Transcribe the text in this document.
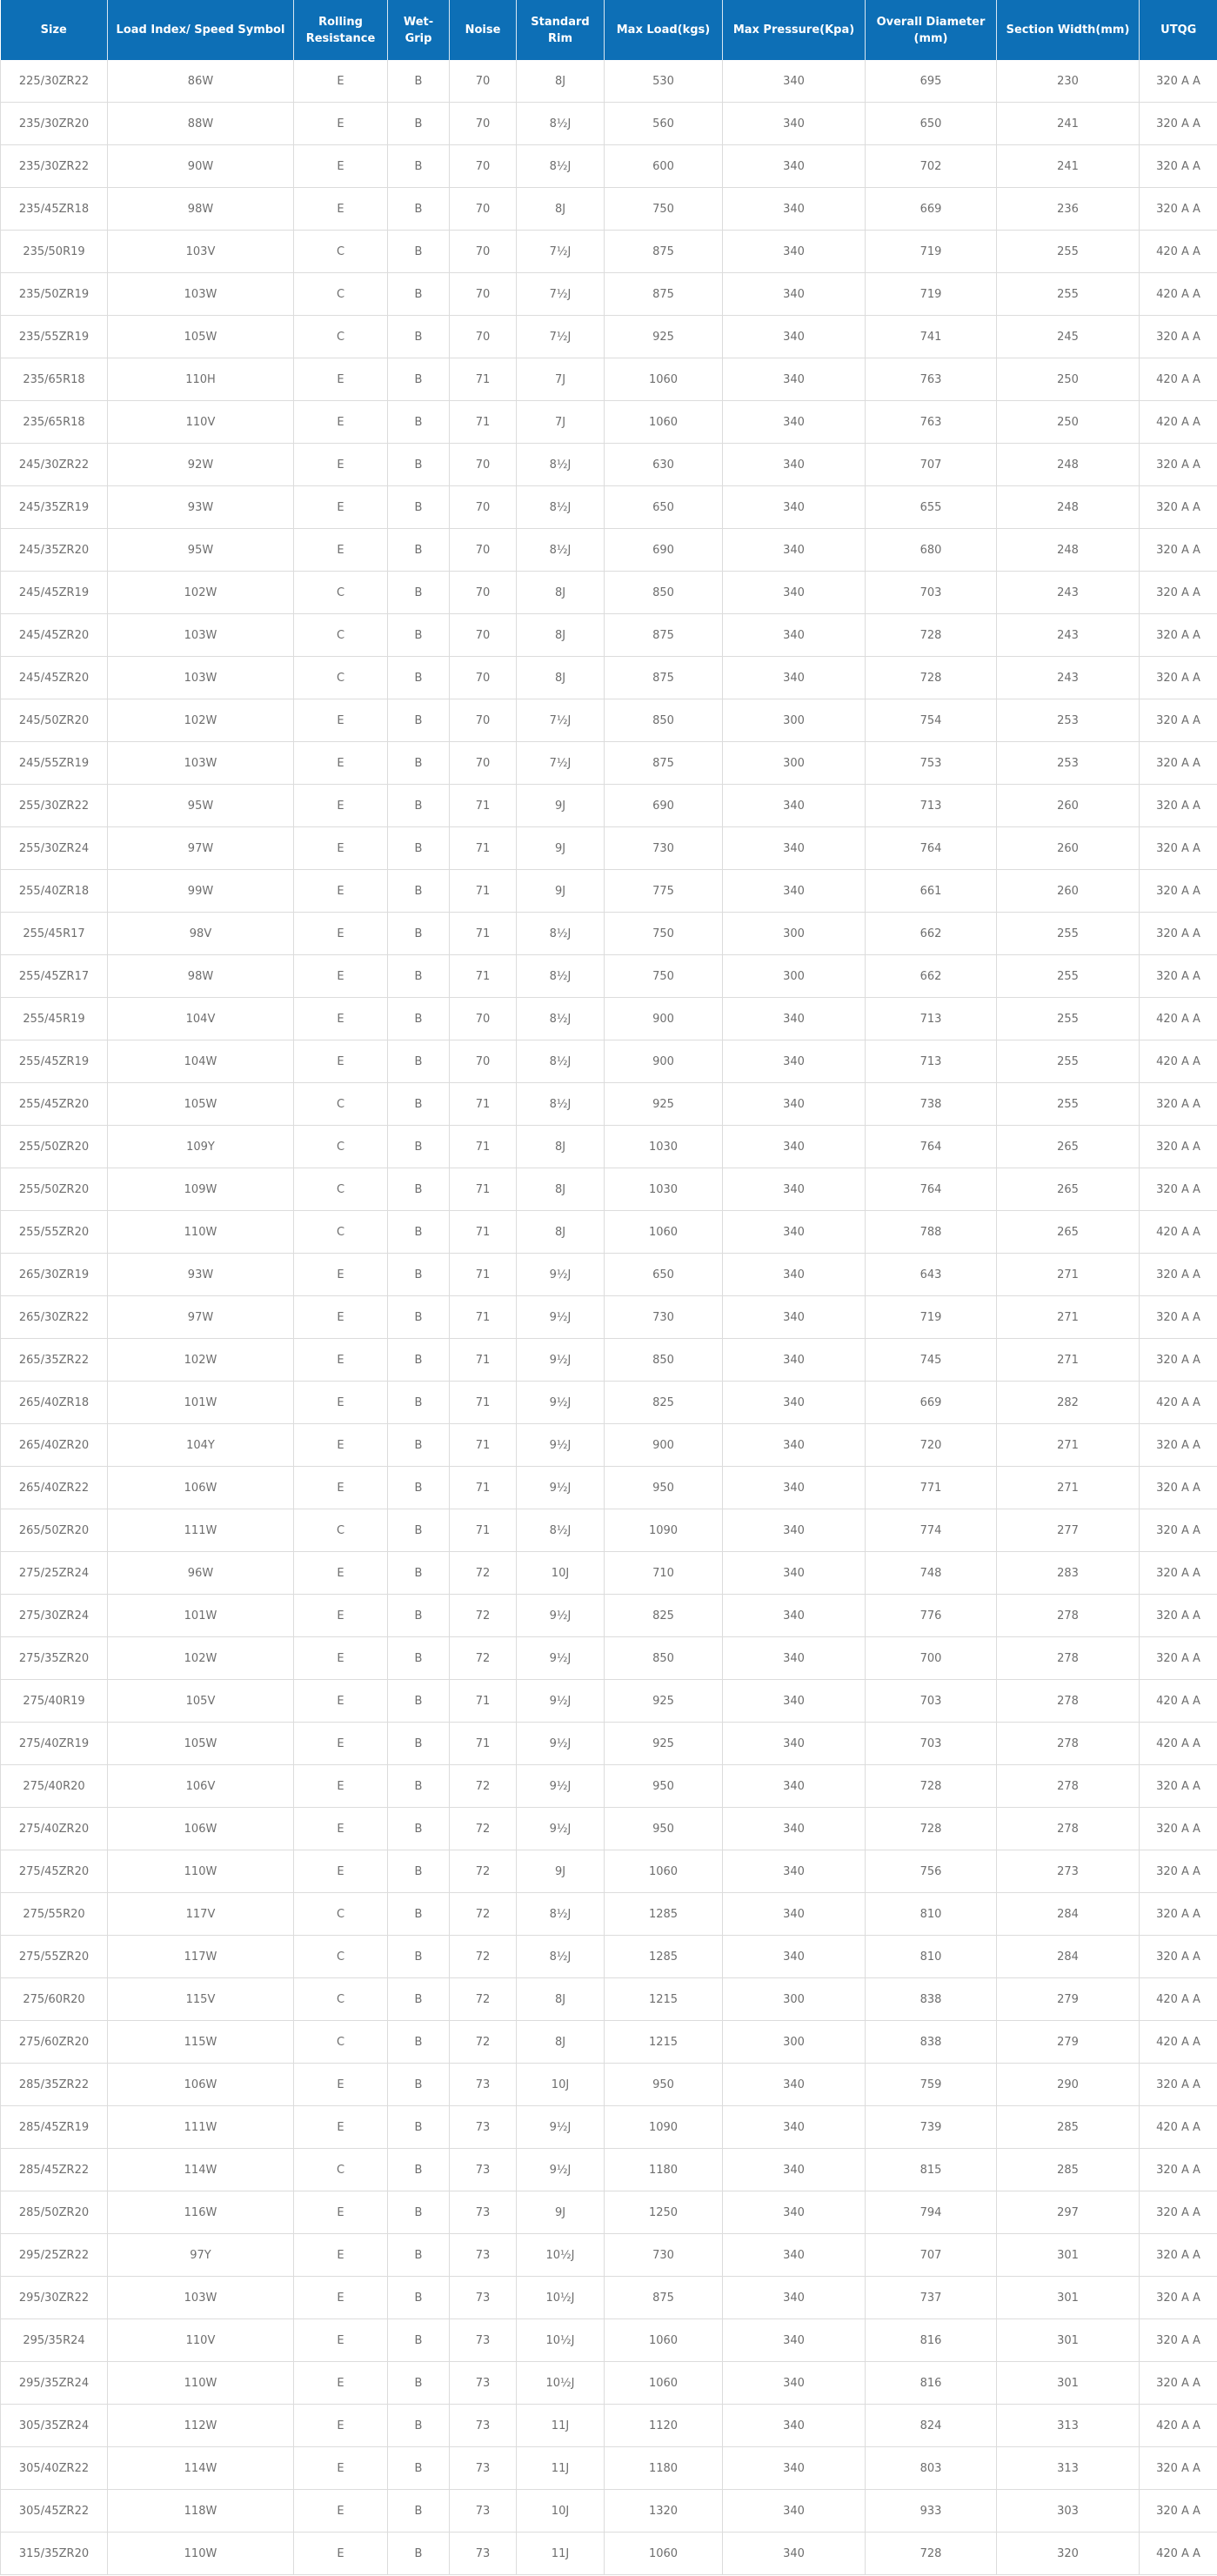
Size	Load Index/ Speed Symbol	Rolling Resistance	Wet-Grip	Noise	Standard Rim	Max Load(kgs)	Max Pressure(Kpa)	Overall Diameter (mm)	Section Width(mm)	UTQG
225/30ZR22	86W	E	B	70	8J	530	340	695	230	320 A A
235/30ZR20	88W	E	B	70	8½J	560	340	650	241	320 A A
235/30ZR22	90W	E	B	70	8½J	600	340	702	241	320 A A
235/45ZR18	98W	E	B	70	8J	750	340	669	236	320 A A
235/50R19	103V	C	B	70	7½J	875	340	719	255	420 A A
235/50ZR19	103W	C	B	70	7½J	875	340	719	255	420 A A
235/55ZR19	105W	C	B	70	7½J	925	340	741	245	320 A A
235/65R18	110H	E	B	71	7J	1060	340	763	250	420 A A
235/65R18	110V	E	B	71	7J	1060	340	763	250	420 A A
245/30ZR22	92W	E	B	70	8½J	630	340	707	248	320 A A
245/35ZR19	93W	E	B	70	8½J	650	340	655	248	320 A A
245/35ZR20	95W	E	B	70	8½J	690	340	680	248	320 A A
245/45ZR19	102W	C	B	70	8J	850	340	703	243	320 A A
245/45ZR20	103W	C	B	70	8J	875	340	728	243	320 A A
245/45ZR20	103W	C	B	70	8J	875	340	728	243	320 A A
245/50ZR20	102W	E	B	70	7½J	850	300	754	253	320 A A
245/55ZR19	103W	E	B	70	7½J	875	300	753	253	320 A A
255/30ZR22	95W	E	B	71	9J	690	340	713	260	320 A A
255/30ZR24	97W	E	B	71	9J	730	340	764	260	320 A A
255/40ZR18	99W	E	B	71	9J	775	340	661	260	320 A A
255/45R17	98V	E	B	71	8½J	750	300	662	255	320 A A
255/45ZR17	98W	E	B	71	8½J	750	300	662	255	320 A A
255/45R19	104V	E	B	70	8½J	900	340	713	255	420 A A
255/45ZR19	104W	E	B	70	8½J	900	340	713	255	420 A A
255/45ZR20	105W	C	B	71	8½J	925	340	738	255	320 A A
255/50ZR20	109Y	C	B	71	8J	1030	340	764	265	320 A A
255/50ZR20	109W	C	B	71	8J	1030	340	764	265	320 A A
255/55ZR20	110W	C	B	71	8J	1060	340	788	265	420 A A
265/30ZR19	93W	E	B	71	9½J	650	340	643	271	320 A A
265/30ZR22	97W	E	B	71	9½J	730	340	719	271	320 A A
265/35ZR22	102W	E	B	71	9½J	850	340	745	271	320 A A
265/40ZR18	101W	E	B	71	9½J	825	340	669	282	420 A A
265/40ZR20	104Y	E	B	71	9½J	900	340	720	271	320 A A
265/40ZR22	106W	E	B	71	9½J	950	340	771	271	320 A A
265/50ZR20	111W	C	B	71	8½J	1090	340	774	277	320 A A
275/25ZR24	96W	E	B	72	10J	710	340	748	283	320 A A
275/30ZR24	101W	E	B	72	9½J	825	340	776	278	320 A A
275/35ZR20	102W	E	B	72	9½J	850	340	700	278	320 A A
275/40R19	105V	E	B	71	9½J	925	340	703	278	420 A A
275/40ZR19	105W	E	B	71	9½J	925	340	703	278	420 A A
275/40R20	106V	E	B	72	9½J	950	340	728	278	320 A A
275/40ZR20	106W	E	B	72	9½J	950	340	728	278	320 A A
275/45ZR20	110W	E	B	72	9J	1060	340	756	273	320 A A
275/55R20	117V	C	B	72	8½J	1285	340	810	284	320 A A
275/55ZR20	117W	C	B	72	8½J	1285	340	810	284	320 A A
275/60R20	115V	C	B	72	8J	1215	300	838	279	420 A A
275/60ZR20	115W	C	B	72	8J	1215	300	838	279	420 A A
285/35ZR22	106W	E	B	73	10J	950	340	759	290	320 A A
285/45ZR19	111W	E	B	73	9½J	1090	340	739	285	420 A A
285/45ZR22	114W	C	B	73	9½J	1180	340	815	285	320 A A
285/50ZR20	116W	E	B	73	9J	1250	340	794	297	320 A A
295/25ZR22	97Y	E	B	73	10½J	730	340	707	301	320 A A
295/30ZR22	103W	E	B	73	10½J	875	340	737	301	320 A A
295/35R24	110V	E	B	73	10½J	1060	340	816	301	320 A A
295/35ZR24	110W	E	B	73	10½J	1060	340	816	301	320 A A
305/35ZR24	112W	E	B	73	11J	1120	340	824	313	420 A A
305/40ZR22	114W	E	B	73	11J	1180	340	803	313	320 A A
305/45ZR22	118W	E	B	73	10J	1320	340	933	303	320 A A
315/35ZR20	110W	E	B	73	11J	1060	340	728	320	420 A A
